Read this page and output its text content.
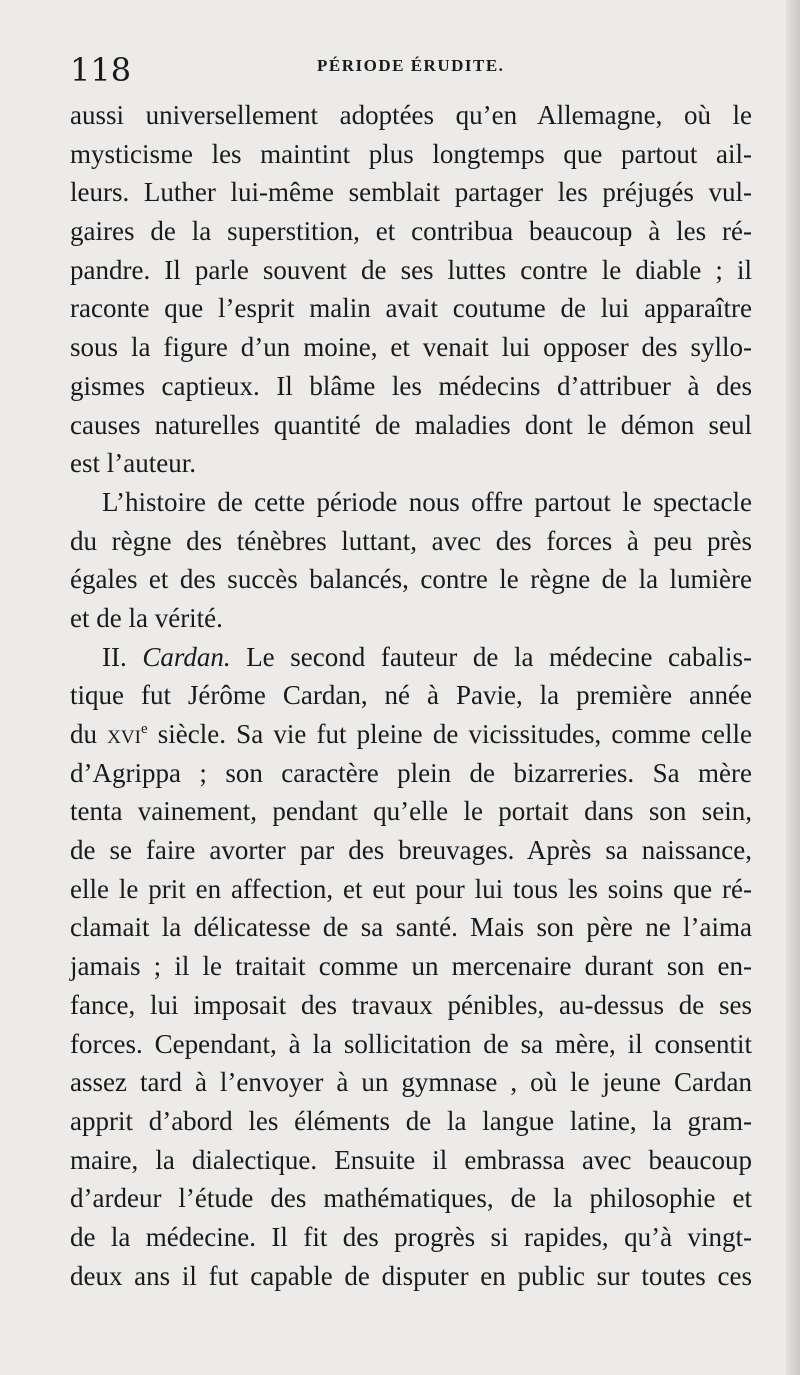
118	PÉRIODE ÉRUDITE.
aussi universellement adoptées qu’en Allemagne, où le
mysticisme les maintint plus longtemps que partout ail-
leurs. Luther lui-même semblait partager les préjugés vul-
gaires de la superstition, et contribua beaucoup à les ré-
pandre. Il parle souvent de ses luttes contre le diable ; il
raconte que l’esprit malin avait coutume de lui apparaître
sous la figure d’un moine, et venait lui opposer des syllo-
gismes captieux. Il blâme les médecins d’attribuer à des
causes naturelles quantité de maladies dont le démon seul
est l’auteur.
L’histoire de cette période nous offre partout le spectacle
du règne des ténèbres luttant, avec des forces à peu près
égales et des succès balancés, contre le règne de la lumière
et de la vérité.
II. Cardan. Le second fauteur de la médecine cabalis-
tique fut Jérôme Cardan, né à Pavie, la première année
du xvi$^e$ siècle. Sa vie fut pleine de vicissitudes, comme celle
d’Agrippa ; son caractère plein de bizarreries. Sa mère
tenta vainement, pendant qu’elle le portait dans son sein,
de se faire avorter par des breuvages. Après sa naissance,
elle le prit en affection, et eut pour lui tous les soins que ré-
clamait la délicatesse de sa santé. Mais son père ne l’aima
jamais ; il le traitait comme un mercenaire durant son en-
fance, lui imposait des travaux pénibles, au-dessus de ses
forces. Cependant, à la sollicitation de sa mère, il consentit
assez tard à l’envoyer à un gymnase , où le jeune Cardan
apprit d’abord les éléments de la langue latine, la gram-
maire, la dialectique. Ensuite il embrassa avec beaucoup
d’ardeur l’étude des mathématiques, de la philosophie et
de la médecine. Il fit des progrès si rapides, qu’à vingt-
deux ans il fut capable de disputer en public sur toutes ces
